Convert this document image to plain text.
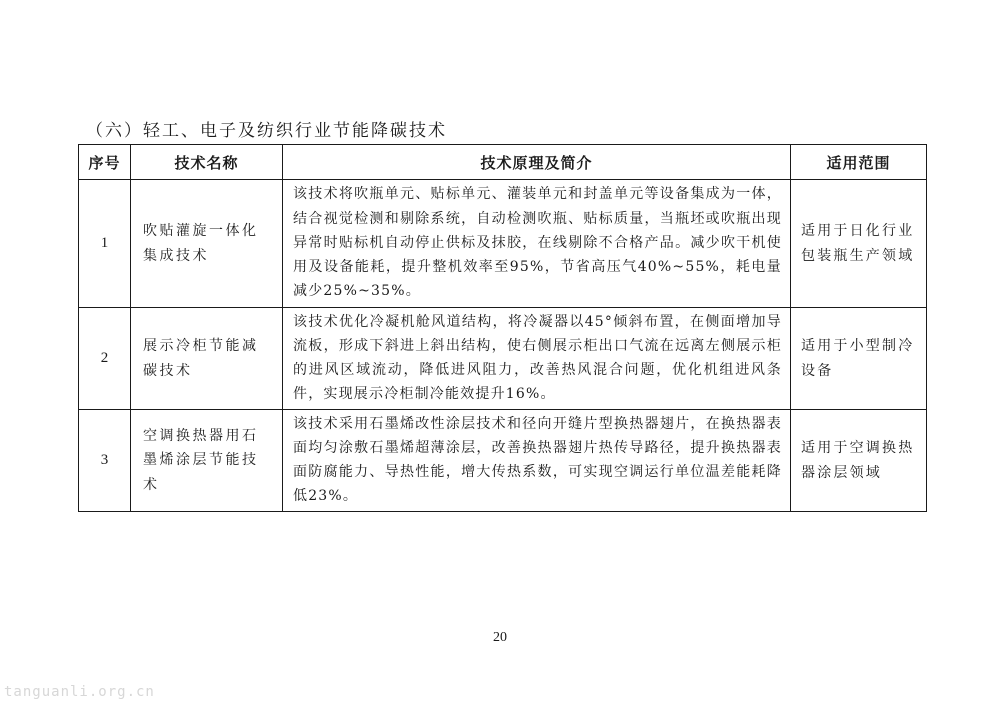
（六）轻工、电子及纺织行业节能降碳技术
序号	技术名称	技术原理及简介	适用范围
1	吹贴灌旋一体化集成技术	该技术将吹瓶单元、贴标单元、灌装单元和封盖单元等设备集成为一体，结合视觉检测和剔除系统，自动检测吹瓶、贴标质量，当瓶坯或吹瓶出现异常时贴标机自动停止供标及抹胶，在线剔除不合格产品。减少吹干机使用及设备能耗，提升整机效率至95%，节省高压气40%~55%，耗电量减少25%~35%。	适用于日化行业包装瓶生产领域
2	展示冷柜节能减碳技术	该技术优化冷凝机舱风道结构，将冷凝器以45°倾斜布置，在侧面增加导流板，形成下斜进上斜出结构，使右侧展示柜出口气流在远离左侧展示柜的进风区域流动，降低进风阻力，改善热风混合问题，优化机组进风条件，实现展示冷柜制冷能效提升16%。	适用于小型制冷设备
3	空调换热器用石墨烯涂层节能技术	该技术采用石墨烯改性涂层技术和径向开缝片型换热器翅片，在换热器表面均匀涂敷石墨烯超薄涂层，改善换热器翅片热传导路径，提升换热器表面防腐能力、导热性能，增大传热系数，可实现空调运行单位温差能耗降低23%。	适用于空调换热器涂层领域
20
tanguanli.org.cn
